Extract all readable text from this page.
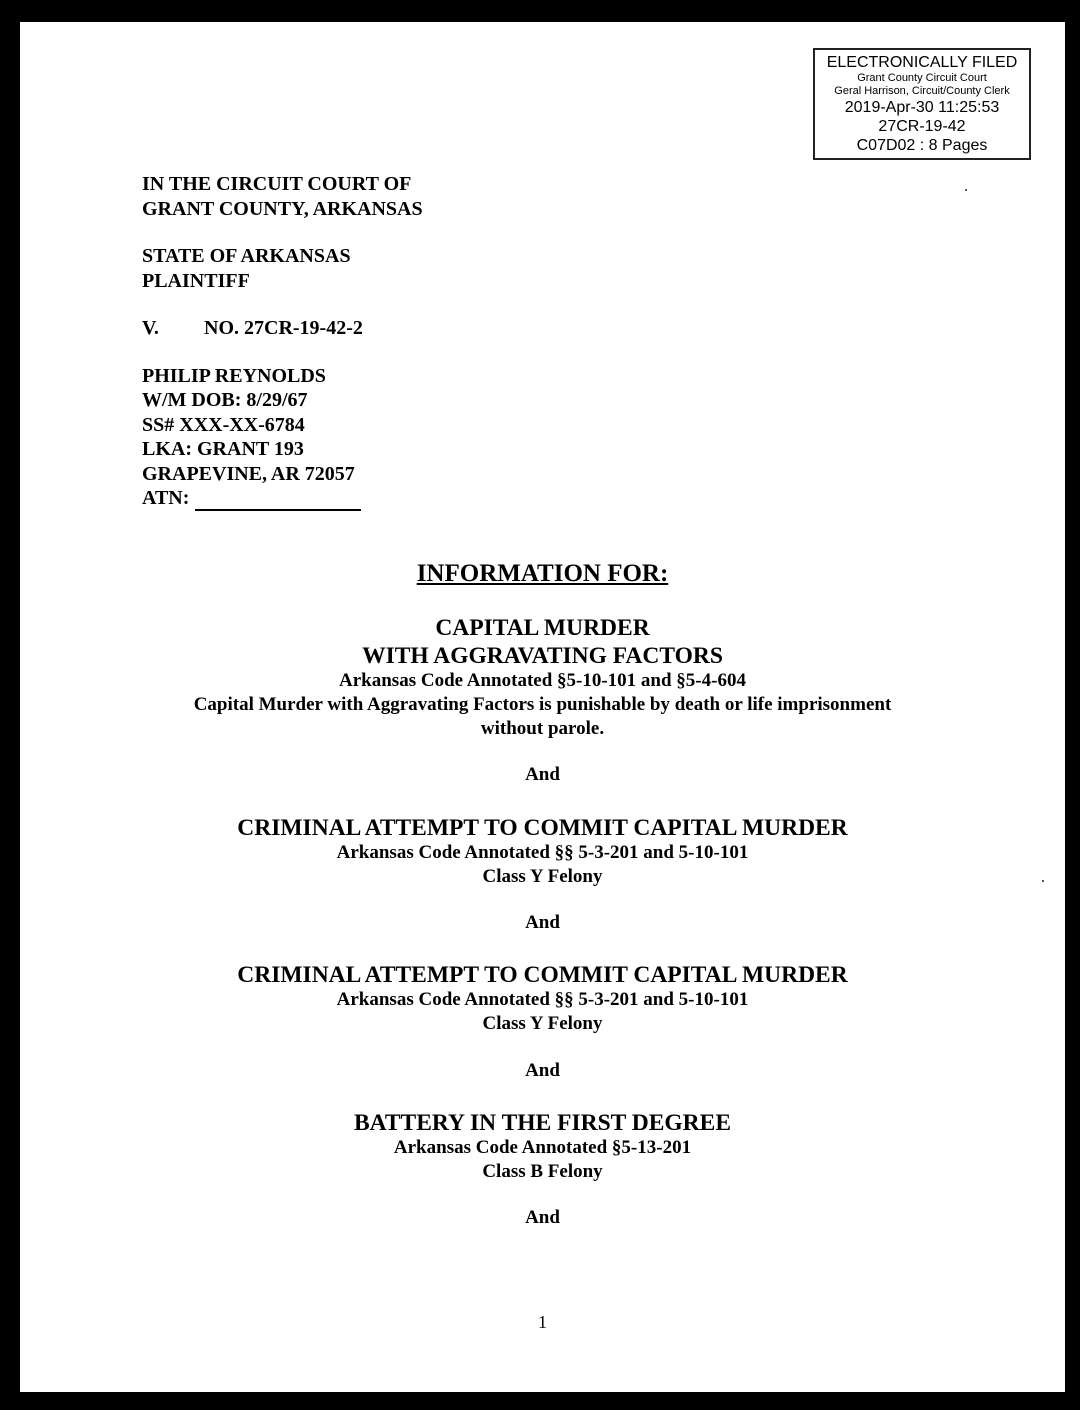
ELECTRONICALLY FILED
Grant County Circuit Court
Geral Harrison, Circuit/County Clerk
2019-Apr-30 11:25:53
27CR-19-42
C07D02 : 8 Pages
IN THE CIRCUIT COURT OF
GRANT COUNTY, ARKANSAS
STATE OF ARKANSAS
PLAINTIFF
V.	NO. 27CR-19-42-2
PHILIP REYNOLDS
W/M DOB: 8/29/67
SS# XXX-XX-6784
LKA: GRANT 193
GRAPEVINE, AR 72057
ATN:
INFORMATION FOR:
CAPITAL MURDER
WITH AGGRAVATING FACTORS
Arkansas Code Annotated §5-10-101 and §5-4-604
Capital Murder with Aggravating Factors is punishable by death or life imprisonment
without parole.
And
CRIMINAL ATTEMPT TO COMMIT CAPITAL MURDER
Arkansas Code Annotated §§ 5-3-201 and 5-10-101
Class Y Felony
And
CRIMINAL ATTEMPT TO COMMIT CAPITAL MURDER
Arkansas Code Annotated §§ 5-3-201 and 5-10-101
Class Y Felony
And
BATTERY IN THE FIRST DEGREE
Arkansas Code Annotated §5-13-201
Class B Felony
And
1
